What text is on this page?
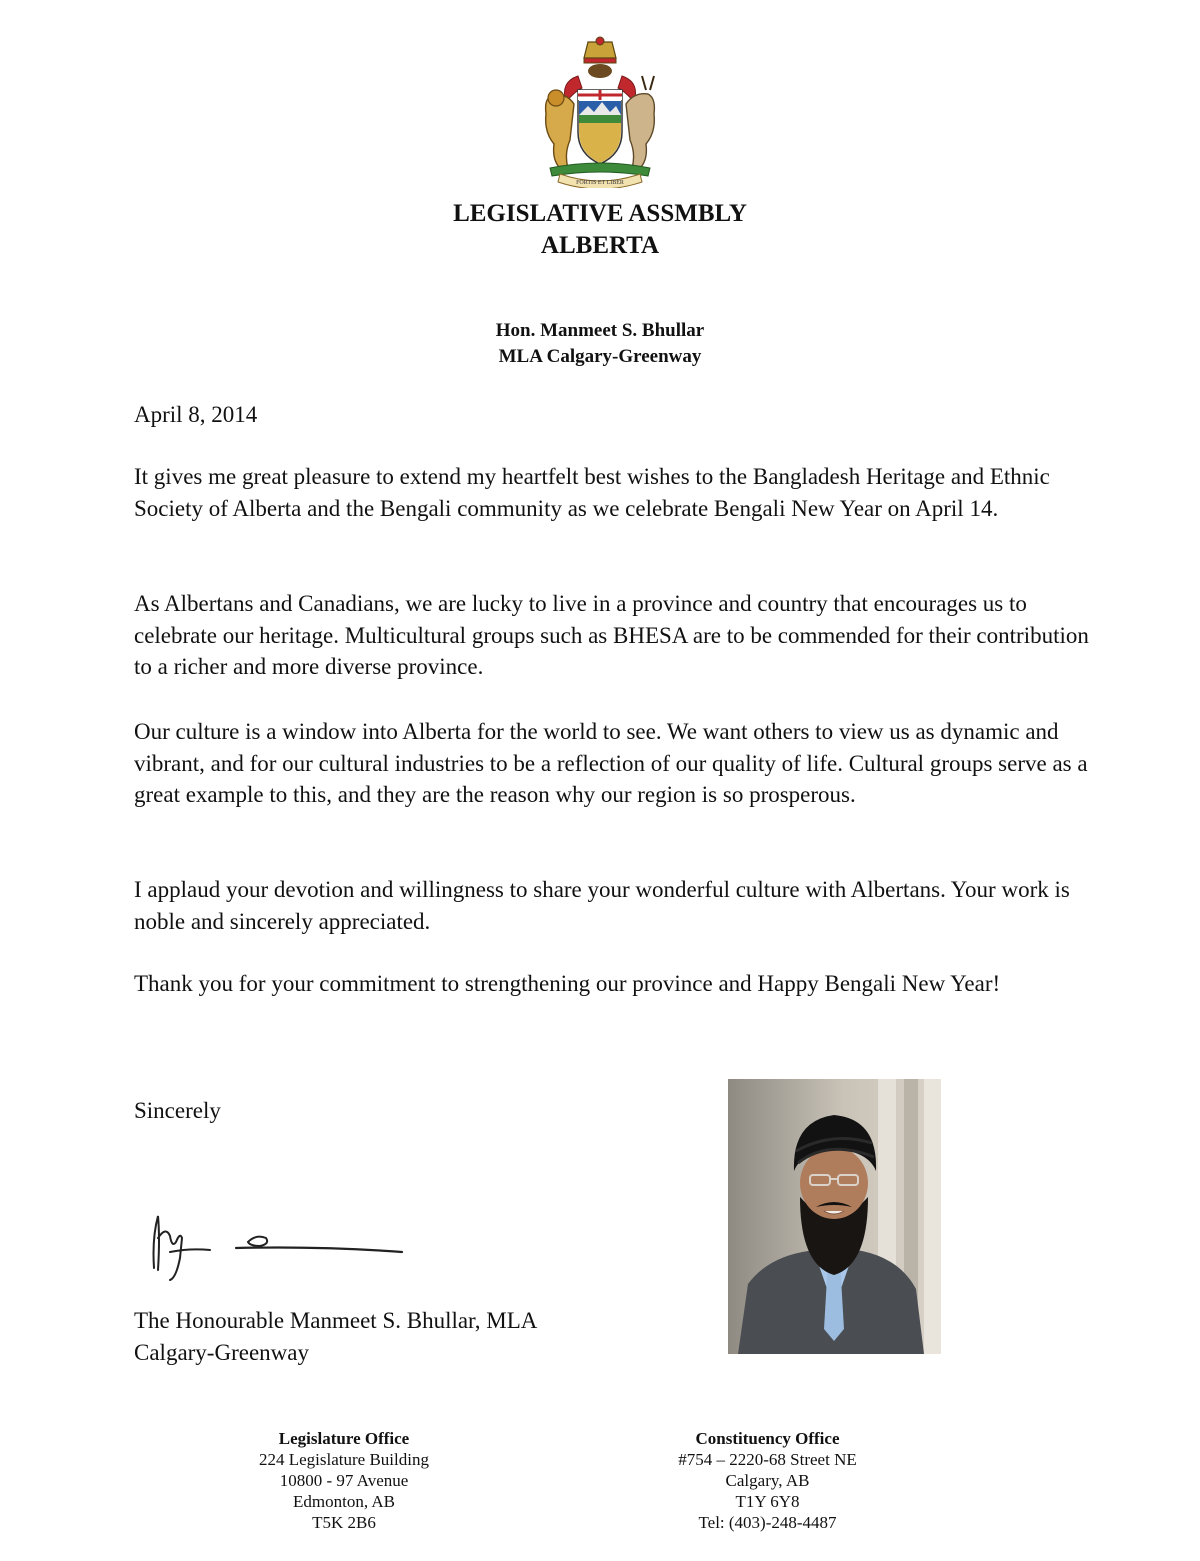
FORTIS ET LIBER
LEGISLATIVE ASSMBLY
ALBERTA
Hon. Manmeet S. Bhullar
MLA Calgary-Greenway
April 8, 2014
It gives me great pleasure to extend my heartfelt best wishes to the Bangladesh Heritage and Ethnic Society of Alberta and the Bengali community as we celebrate Bengali New Year on April 14.
As Albertans and Canadians, we are lucky to live in a province and country that encourages us to celebrate our heritage. Multicultural groups such as BHESA are to be commended for their contribution to a richer and more diverse province.
Our culture is a window into Alberta for the world to see. We want others to view us as dynamic and vibrant, and for our cultural industries to be a reflection of our quality of life. Cultural groups serve as a great example to this, and they are the reason why our region is so prosperous.
I applaud your devotion and willingness to share your wonderful culture with Albertans. Your work is noble and sincerely appreciated.
Thank you for your commitment to strengthening our province and Happy Bengali New Year!
Sincerely
The Honourable Manmeet S. Bhullar, MLA
Calgary-Greenway
Legislature Office
224 Legislature Building
10800 - 97 Avenue
Edmonton, AB
T5K 2B6
Constituency Office
#754 – 2220-68 Street NE
Calgary, AB
T1Y 6Y8
Tel: (403)-248-4487
